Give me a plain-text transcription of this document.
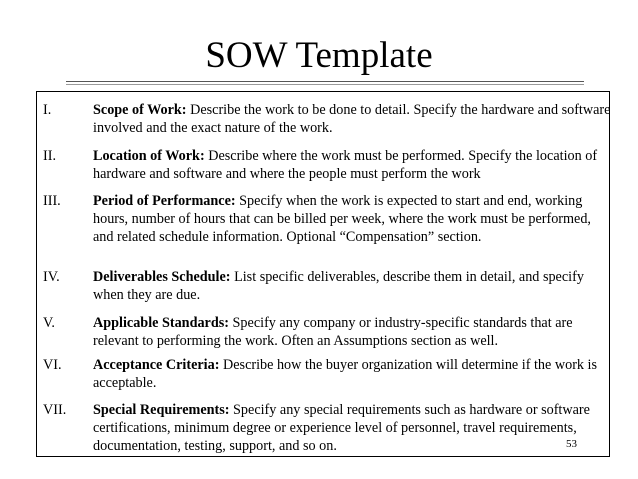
SOW Template
I.	Scope of Work: Describe the work to be done to detail. Specify the hardware and software involved and the exact nature of the work.
II.	Location of Work: Describe where the work must be performed. Specify the location of hardware and software and where the people must perform the work
III. Period of Performance: Specify when the work is expected to start and end, working hours, number of hours that can be billed per week, where the work must be performed, and related schedule information. Optional “Compensation” section.
IV. Deliverables Schedule: List specific deliverables, describe them in detail, and specify when they are due.
V.	Applicable Standards: Specify any company or industry-specific standards that are relevant to performing the work. Often an Assumptions section as well.
VI. Acceptance Criteria: Describe how the buyer organization will determine if the work is acceptable.
VII. Special Requirements: Specify any special requirements such as hardware or software certifications, minimum degree or experience level of personnel, travel requirements, documentation, testing, support, and so on.	53
